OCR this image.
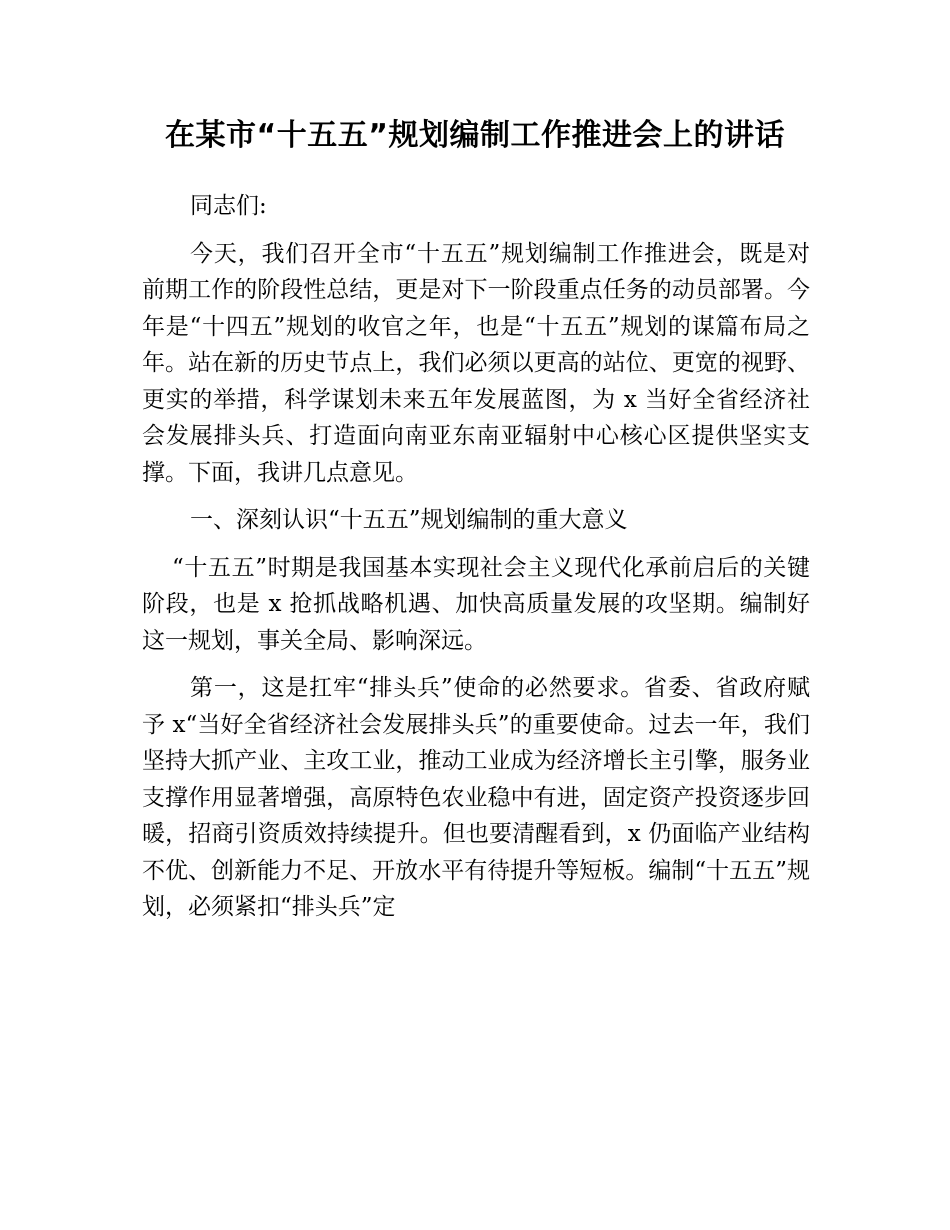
在某市“十五五”规划编制工作推进会上的讲话

同志们:

今天，我们召开全市“十五五”规划编制工作推进会，既是对前期工作的阶段性总结，更是对下一阶段重点任务的动员部署。今年是“十四五”规划的收官之年，也是“十五五”规划的谋篇布局之年。站在新的历史节点上，我们必须以更高的站位、更宽的视野、更实的举措，科学谋划未来五年发展蓝图，为 x 当好全省经济社会发展排头兵、打造面向南亚东南亚辐射中心核心区提供坚实支撑。下面，我讲几点意见。

一、深刻认识“十五五”规划编制的重大意义

“十五五”时期是我国基本实现社会主义现代化承前启后的关键阶段，也是 x 抢抓战略机遇、加快高质量发展的攻坚期。编制好这一规划，事关全局、影响深远。

第一，这是扛牢“排头兵”使命的必然要求。省委、省政府赋予 x“当好全省经济社会发展排头兵”的重要使命。过去一年，我们坚持大抓产业、主攻工业，推动工业成为经济增长主引擎，服务业支撑作用显著增强，高原特色农业稳中有进，固定资产投资逐步回暖，招商引资质效持续提升。但也要清醒看到，x 仍面临产业结构不优、创新能力不足、开放水平有待提升等短板。编制“十五五”规划，必须紧扣“排头兵”定
